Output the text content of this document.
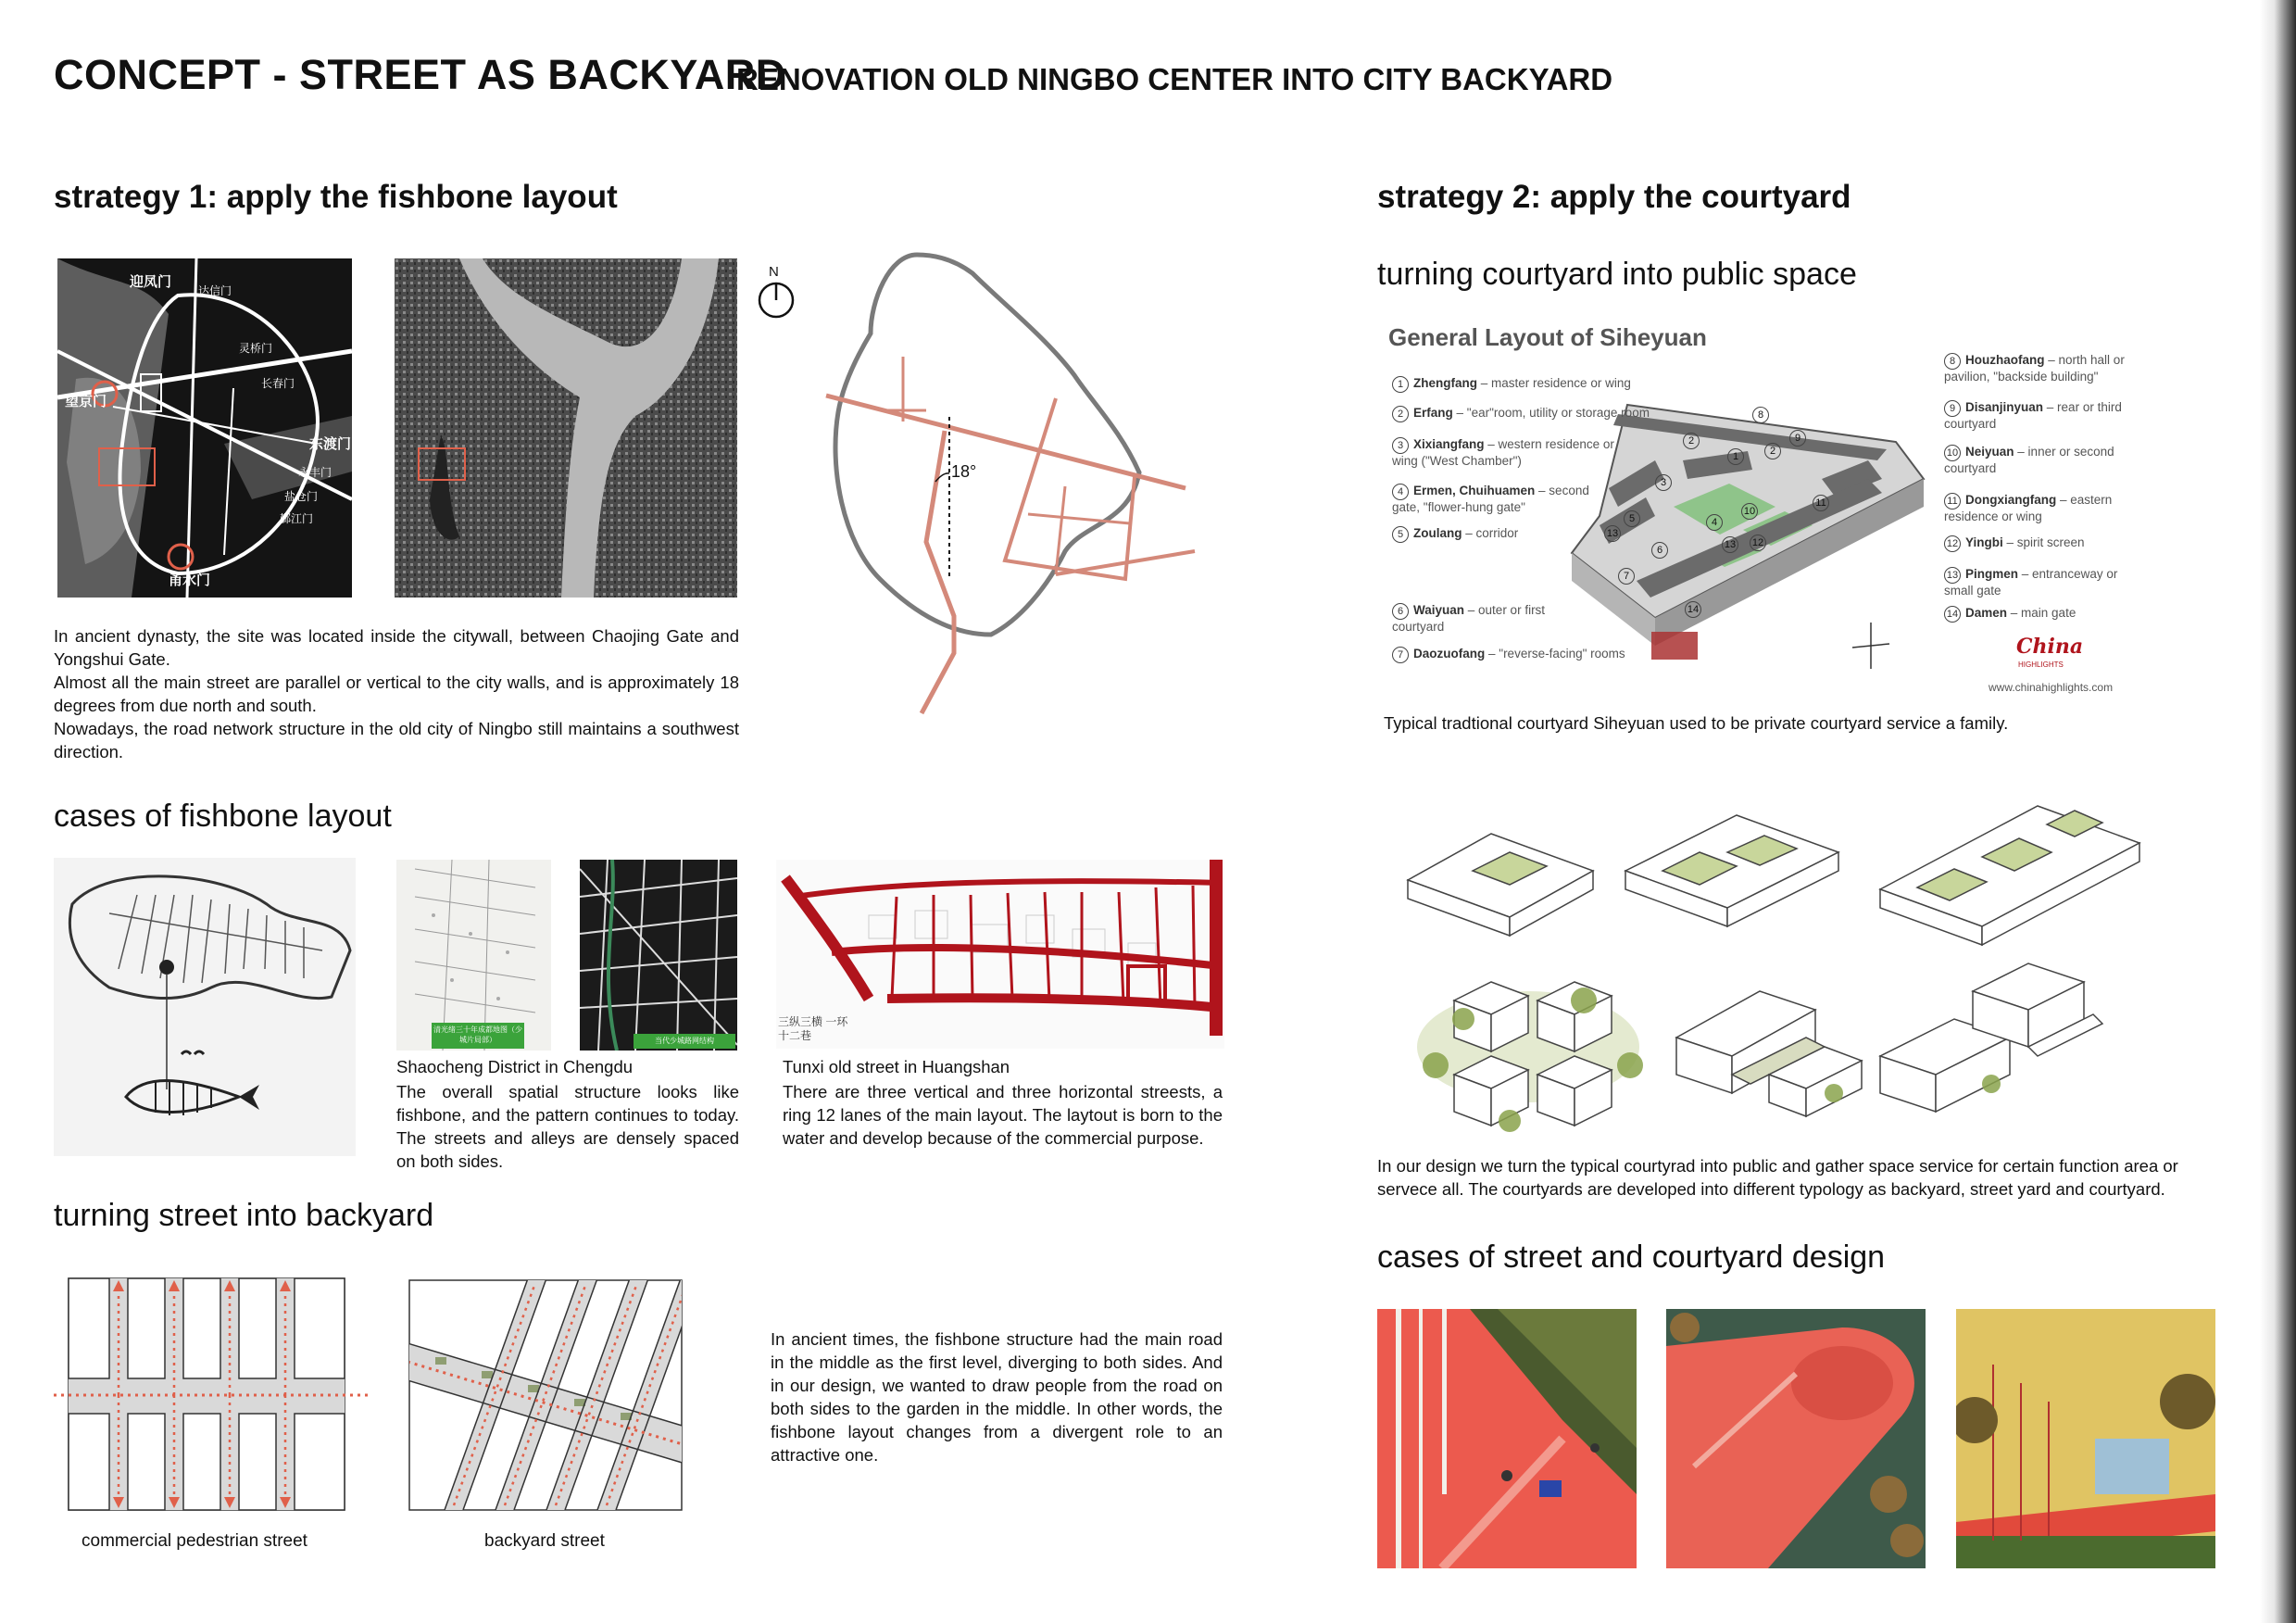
CONCEPT - STREET AS BACKYARD
RENOVATION OLD NINGBO CENTER INTO CITY BACKYARD
strategy 1: apply the fishbone layout
迎凤门
达信门
灵桥门
东渡门
望京门
长春门
甬水门
永丰门
盐仓门
鄞江门
N
18°
In ancient dynasty, the site was located inside the citywall, between Chaojing Gate and Yongshui Gate.
Almost all the main street are parallel or vertical to the city walls, and is approximately 18 degrees from due north and south.
Nowadays, the road network structure in the old city of Ningbo still maintains a southwest direction.
cases of fishbone layout
清光绪三十年成都地图（少城片局部）	当代少城路网结构
Shaocheng District in Chengdu
The overall spatial structure looks like fishbone, and the pattern continues to today. The streets and alleys are densely spaced on both sides.
三纵三横 一环十二巷
Tunxi old street in Huangshan
There are three vertical and three horizontal streests, a ring 12 lanes of the main layout. The laytout is born to the water and develop because of the commercial purpose.
turning street into backyard
commercial pedestrian street	backyard street
In ancient times, the fishbone structure had the main road in the middle as the first level, diverging to both sides. And in our design, we wanted to draw people from the road on both sides to the garden in the middle. In other words, the fishbone layout changes from a divergent role to an attractive one.
strategy 2: apply the courtyard
turning courtyard into public space
General Layout of Siheyuan
8
1
2
2
9
3
4
5
6
13
10
11
12
13
7
14
1 Zhengfang – master residence or wing
2 Erfang – "ear"room, utility or storage room
3 Xixiangfang – western residence or wing ("West Chamber")
4 Ermen, Chuihuamen – second gate, "flower-hung gate"
5 Zoulang – corridor
6 Waiyuan – outer or first courtyard
7 Daozuofang – "reverse-facing" rooms
8 Houzhaofang – north hall or pavilion, "backside building"
9 Disanjinyuan – rear or third courtyard
10 Neiyuan – inner or second courtyard
11 Dongxiangfang – eastern residence or wing
12 Yingbi – spirit screen
13 Pingmen – entranceway or small gate
14 Damen – main gate
China
HIGHLIGHTS
www.chinahighlights.com
Typical tradtional courtyard Siheyuan used to be private courtyard service a family.
In our design we turn the typical courtyrad into public and gather space service for certain function area or servece all. The courtyards are developed into different typology as backyard, street yard and courtyard.
cases of street and courtyard design
